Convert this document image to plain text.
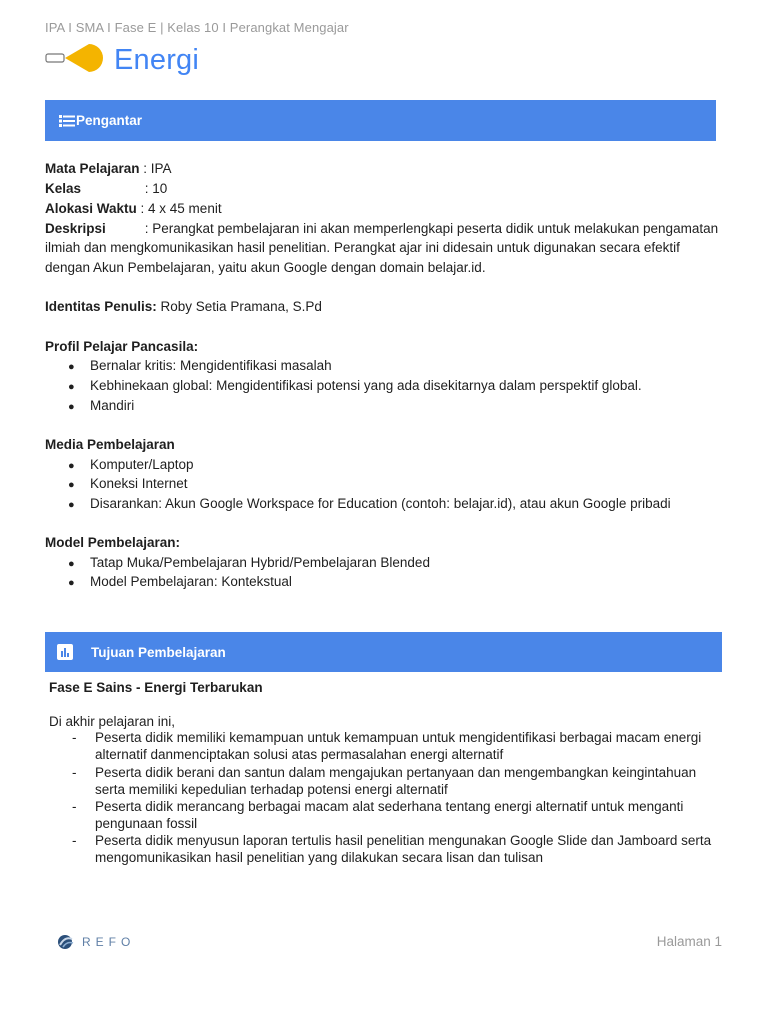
IPA I SMA I Fase E | Kelas 10 I Perangkat Mengajar
Energi
Pengantar
Mata Pelajaran : IPA
Kelas	: 10
Alokasi Waktu : 4 x 45 menit
Deskripsi	: Perangkat pembelajaran ini akan memperlengkapi peserta didik untuk melakukan pengamatan
ilmiah dan mengkomunikasikan hasil penelitian. Perangkat ajar ini didesain untuk digunakan secara efektif
dengan Akun Pembelajaran, yaitu akun Google dengan domain belajar.id.
Identitas Penulis: Roby Setia Pramana, S.Pd
Profil Pelajar Pancasila:
● Bernalar kritis: Mengidentifikasi masalah
● Kebhinekaan global: Mengidentifikasi potensi yang ada disekitarnya dalam perspektif global.
● Mandiri
Media Pembelajaran
● Komputer/Laptop
● Koneksi Internet
● Disarankan: Akun Google Workspace for Education (contoh: belajar.id), atau akun Google pribadi
Model Pembelajaran:
● Tatap Muka/Pembelajaran Hybrid/Pembelajaran Blended
● Model Pembelajaran: Kontekstual
Tujuan Pembelajaran
Fase E Sains - Energi Terbarukan
Di akhir pelajaran ini,
- Peserta didik memiliki kemampuan untuk kemampuan untuk mengidentifikasi berbagai macam energi alternatif danmenciptakan solusi atas permasalahan energi alternatif
- Peserta didik berani dan santun dalam mengajukan pertanyaan dan mengembangkan keingintahuan serta memiliki kepedulian terhadap potensi energi alternatif
- Peserta didik merancang berbagai macam alat sederhana tentang energi alternatif untuk menganti pengunaan fossil
- Peserta didik menyusun laporan tertulis hasil penelitian mengunakan Google Slide dan Jamboard serta mengomunikasikan hasil penelitian yang dilakukan secara lisan dan tulisan
REFO	Halaman 1
